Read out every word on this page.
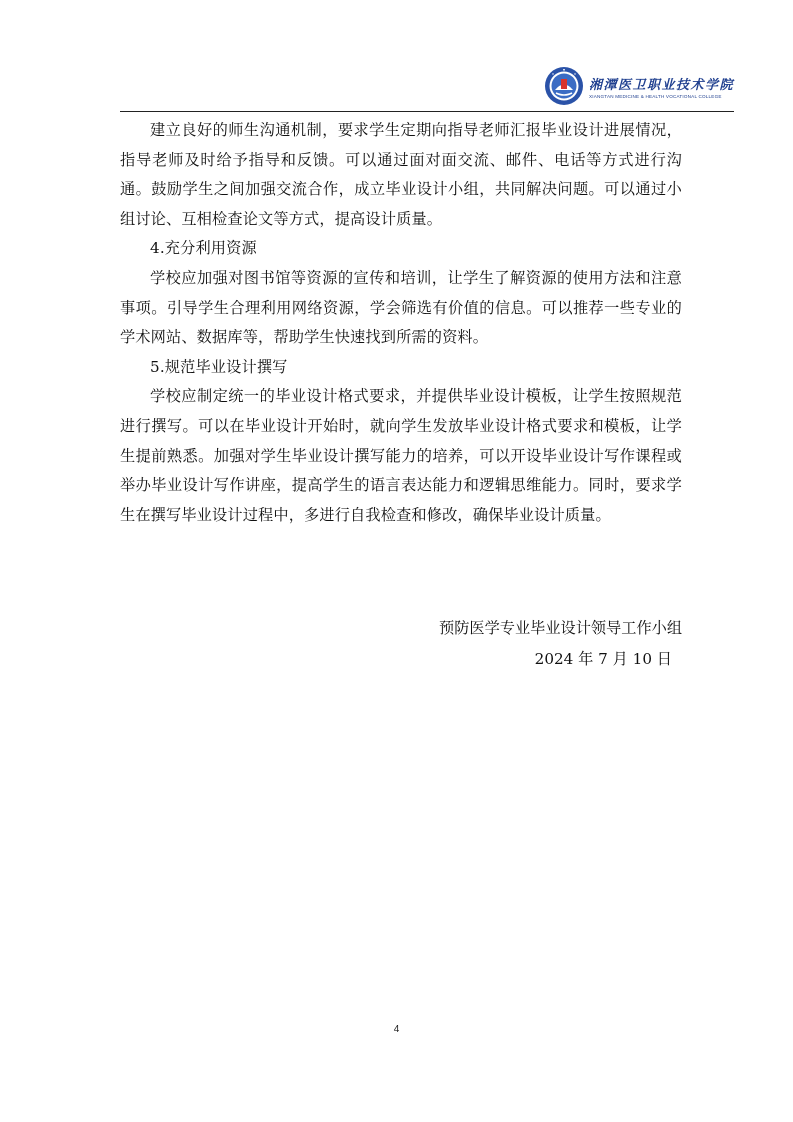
湘潭医卫职业技术学院
XIANGTAN MEDICINE & HEALTH VOCATIONAL COLLEGE

建立良好的师生沟通机制，要求学生定期向指导老师汇报毕业设计进展情况，指导老师及时给予指导和反馈。可以通过面对面交流、邮件、电话等方式进行沟通。鼓励学生之间加强交流合作，成立毕业设计小组，共同解决问题。可以通过小组讨论、互相检查论文等方式，提高设计质量。

4.充分利用资源

学校应加强对图书馆等资源的宣传和培训，让学生了解资源的使用方法和注意事项。引导学生合理利用网络资源，学会筛选有价值的信息。可以推荐一些专业的学术网站、数据库等，帮助学生快速找到所需的资料。

5.规范毕业设计撰写

学校应制定统一的毕业设计格式要求，并提供毕业设计模板，让学生按照规范进行撰写。可以在毕业设计开始时，就向学生发放毕业设计格式要求和模板，让学生提前熟悉。加强对学生毕业设计撰写能力的培养，可以开设毕业设计写作课程或举办毕业设计写作讲座，提高学生的语言表达能力和逻辑思维能力。同时，要求学生在撰写毕业设计过程中，多进行自我检查和修改，确保毕业设计质量。

预防医学专业毕业设计领导工作小组
2024 年 7 月 10 日
4
